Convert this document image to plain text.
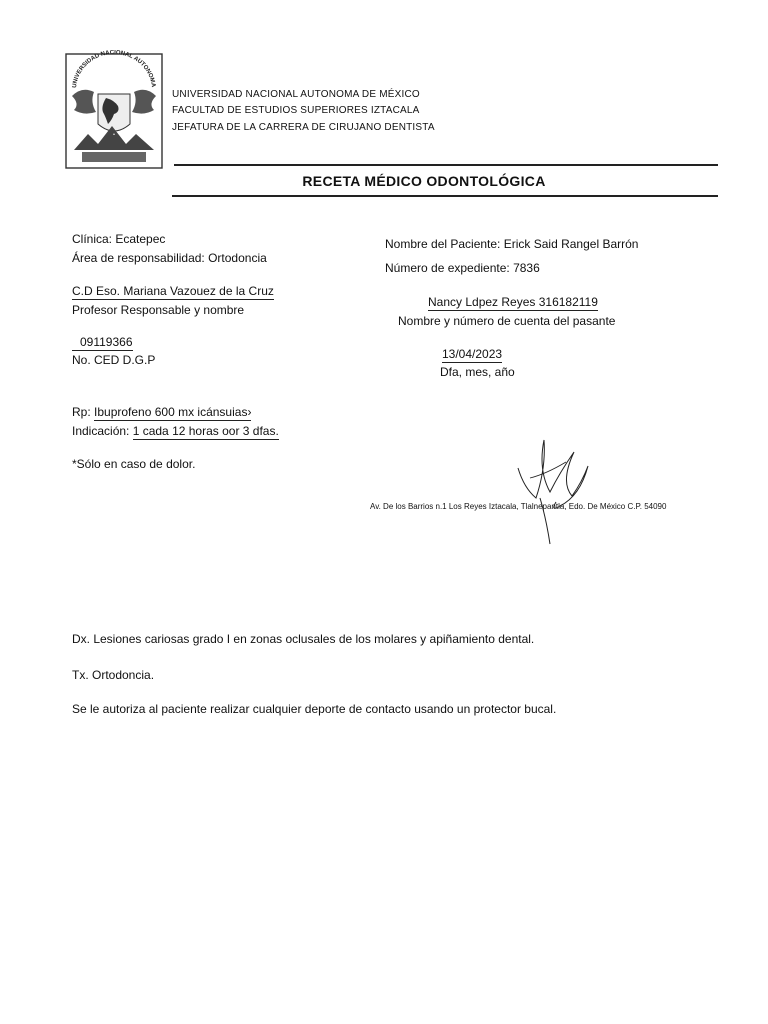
UNIVERSIDAD NACIONAL AUTONOMA
•
UNIVERSIDAD NACIONAL AUTONOMA DE MÉXICO
FACULTAD DE ESTUDIOS SUPERIORES IZTACALA
JEFATURA DE LA CARRERA DE CIRUJANO DENTISTA
RECETA MÉDICO ODONTOLÓGICA
Clínica: Ecatepec
Área de responsabilidad: Ortodoncia
C.D Eso. Mariana Vazouez de la Cruz
Profesor Responsable y nombre
09119366
No. CED D.G.P
Nombre del Paciente: Erick Said Rangel Barrón
Número de expediente: 7836
Nancy Ldpez Reyes 316182119
Nombre y número de cuenta del pasante
13/04/2023
Dfa, mes, año
Rp: Ibuprofeno 600 mx icánsuias›
Indicación: 1 cada 12 horas oor 3 dfas.
*Sólo en caso de dolor.
Av. De los Barrios n.1 Los Reyes Iztacala, Tlalnepantla, Edo. De México C.P. 54090
Dx. Lesiones cariosas grado I en zonas oclusales de los molares y apiñamiento dental.
Tx. Ortodoncia.
Se le autoriza al paciente realizar cualquier deporte de contacto usando un protector bucal.
